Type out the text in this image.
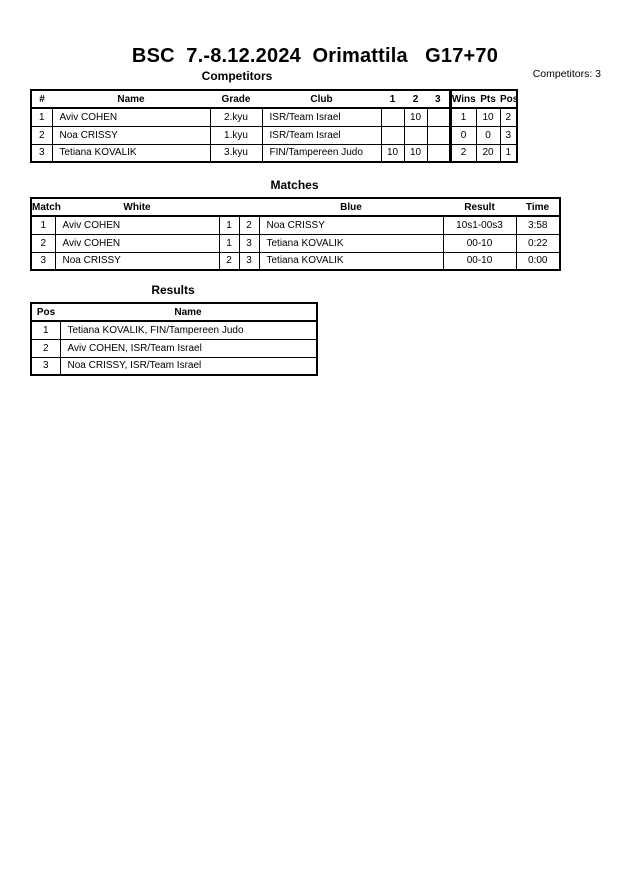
BSC  7.-8.12.2024  Orimattila   G17+70
Competitors: 3
Competitors
#	Name	Grade	Club	1	2	3	Wins	Pts	Pos
1	Aviv COHEN	2.kyu	ISR/Team Israel		10		1	10	2
2	Noa CRISSY	1.kyu	ISR/Team Israel				0	0	3
3	Tetiana KOVALIK	3.kyu	FIN/Tampereen Judo	10	10		2	20	1
Matches
Match	White			Blue	Result	Time
1	Aviv COHEN	1	2	Noa CRISSY	10s1-00s3	3:58
2	Aviv COHEN	1	3	Tetiana KOVALIK	00-10	0:22
3	Noa CRISSY	2	3	Tetiana KOVALIK	00-10	0:00
Results
Pos	Name
1	Tetiana KOVALIK, FIN/Tampereen Judo
2	Aviv COHEN, ISR/Team Israel
3	Noa CRISSY, ISR/Team Israel
